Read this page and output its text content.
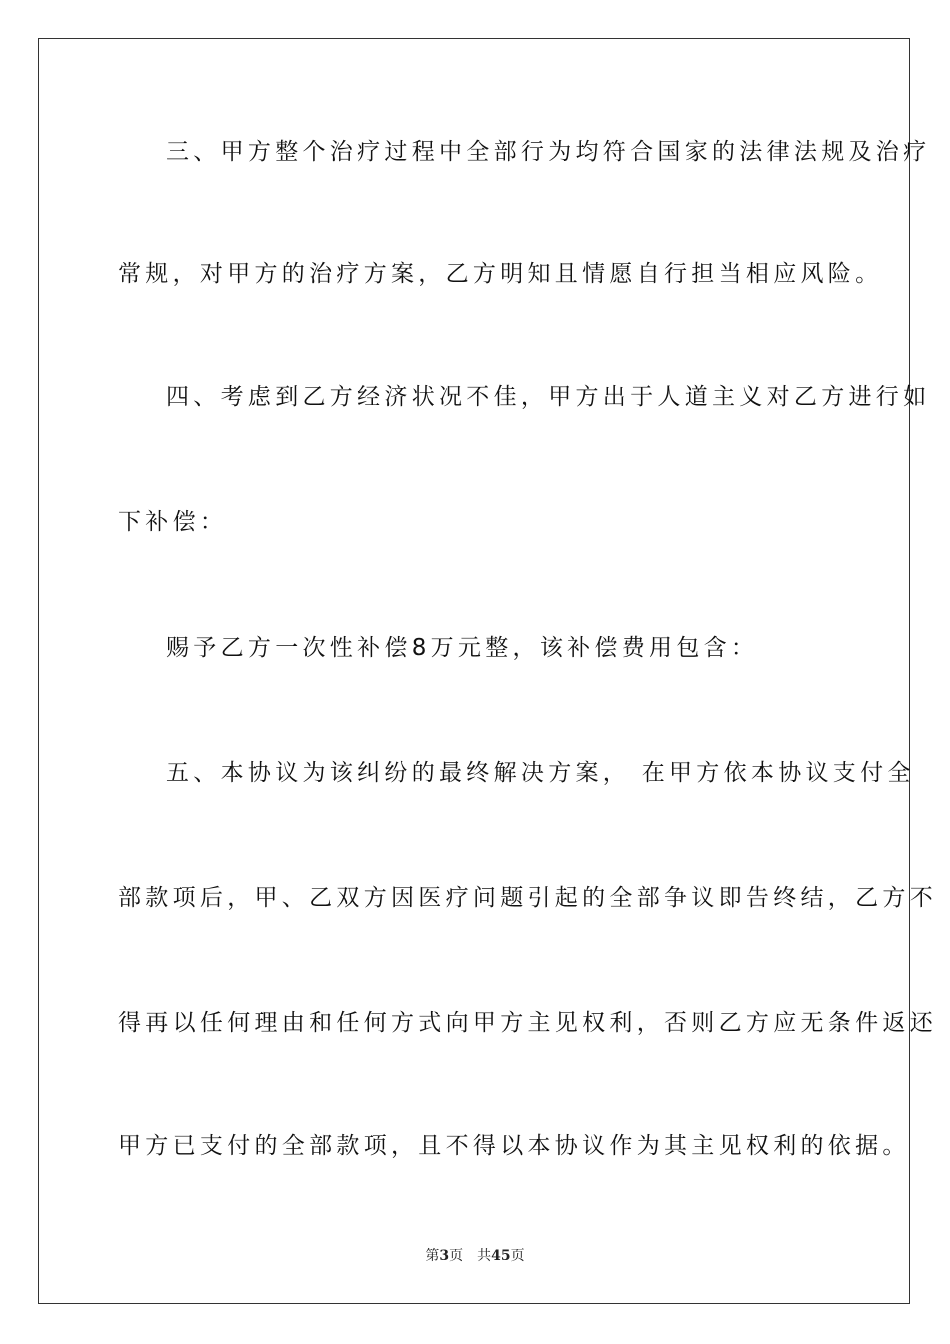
三、甲方整个治疗过程中全部行为均符合国家的法律法规及治疗
常规，对甲方的治疗方案，乙方明知且情愿自行担当相应风险。
四、考虑到乙方经济状况不佳，甲方出于人道主义对乙方进行如
下补偿：
赐予乙方一次性补偿8万元整，该补偿费用包含：
五、本协议为该纠纷的最终解决方案， 在甲方依本协议支付全
部款项后，甲、乙双方因医疗问题引起的全部争议即告终结，乙方不
得再以任何理由和任何方式向甲方主见权利，否则乙方应无条件返还
甲方已支付的全部款项，且不得以本协议作为其主见权利的依据。
第3页 共45页
